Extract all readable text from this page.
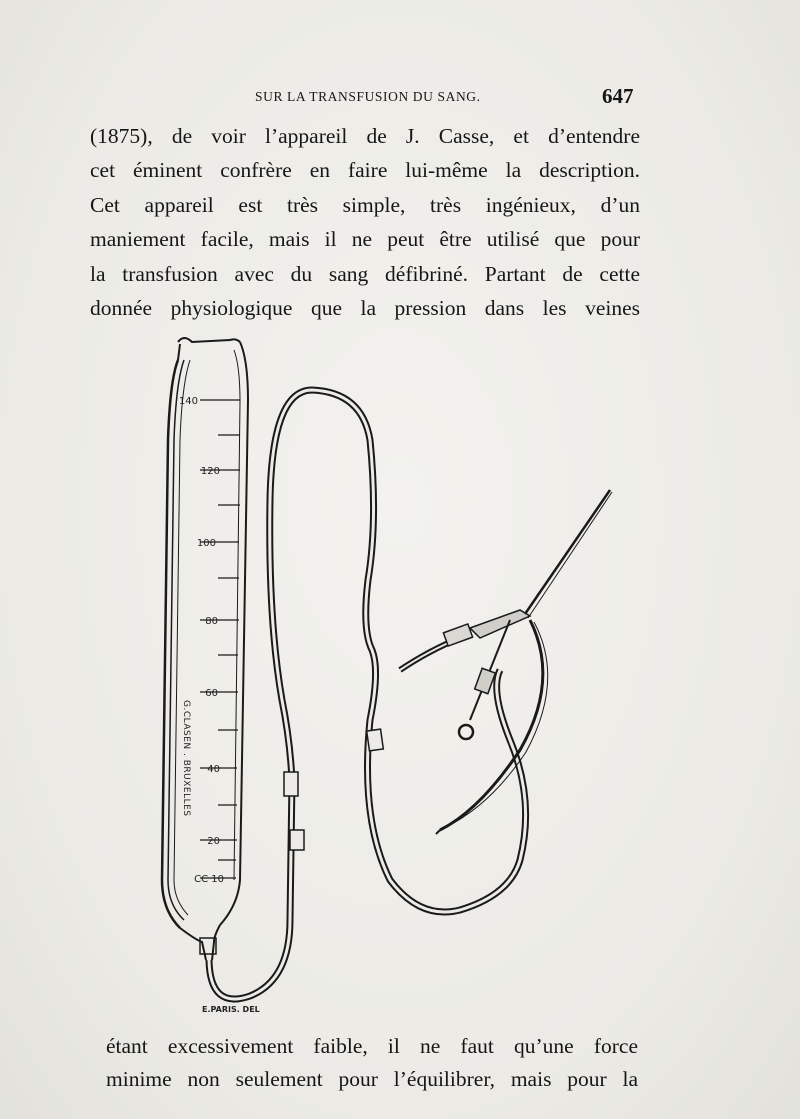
SUR LA TRANSFUSION DU SANG.	647
(1875), de voir l’appareil de J. Casse, et d’entendre
cet éminent confrère en faire lui-même la description.
Cet appareil est très simple, très ingénieux, d’un
maniement facile, mais il ne peut être utilisé que pour
la transfusion avec du sang défibriné. Partant de cette
donnée physiologique que la pression dans les veines
140
120
100
80
60
40
20
CC 10
G.CLASEN . BRUXELLES
E.PARIS. DEL
étant excessivement faible, il ne faut qu’une force
minime non seulement pour l’équilibrer, mais pour la
